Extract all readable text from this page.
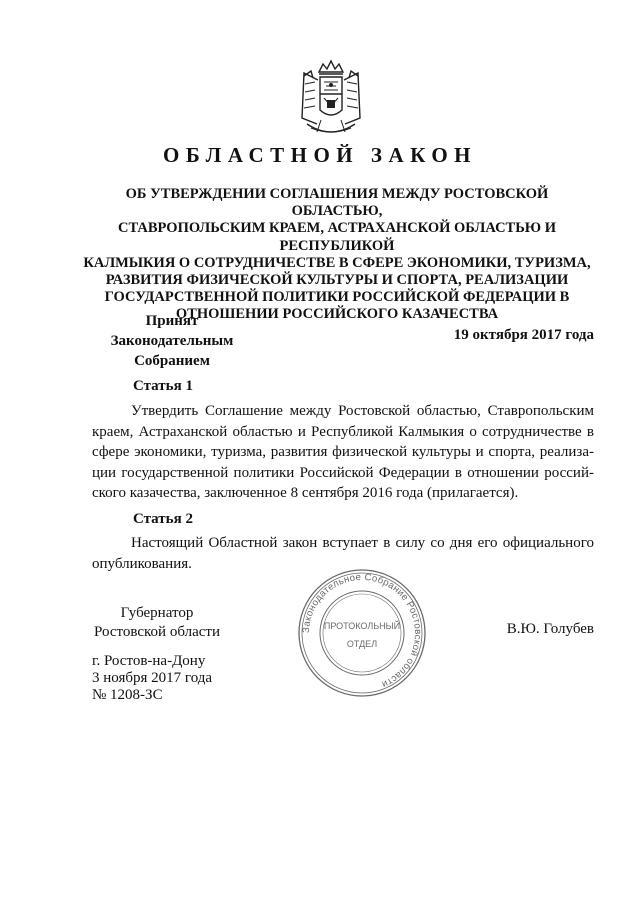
ОБЛАСТНОЙ ЗАКОН
ОБ УТВЕРЖДЕНИИ СОГЛАШЕНИЯ МЕЖДУ РОСТОВСКОЙ ОБЛАСТЬЮ,
СТАВРОПОЛЬСКИМ КРАЕМ, АСТРАХАНСКОЙ ОБЛАСТЬЮ И РЕСПУБЛИКОЙ
КАЛМЫКИЯ О СОТРУДНИЧЕСТВЕ В СФЕРЕ ЭКОНОМИКИ, ТУРИЗМА,
РАЗВИТИЯ ФИЗИЧЕСКОЙ КУЛЬТУРЫ И СПОРТА, РЕАЛИЗАЦИИ
ГОСУДАРСТВЕННОЙ ПОЛИТИКИ РОССИЙСКОЙ ФЕДЕРАЦИИ В
ОТНОШЕНИИ РОССИЙСКОГО КАЗАЧЕСТВА
Принят
Законодательным Собранием
19 октября 2017 года
Статья 1
Утвердить Соглашение между Ростовской областью, Ставропольским
краем, Астраханской областью и Республикой Калмыкия о сотрудничестве в
сфере экономики, туризма, развития физической культуры и спорта, реализа-
ции государственной политики Российской Федерации в отношении россий-
ского казачества, заключенное 8 сентября 2016 года (прилагается).
Статья 2
Настоящий Областной закон вступает в силу со дня его официального
опубликования.
Губернатор
Ростовской области	В.Ю. Голубев
Законодательное Собрание Ростовской области
ПРОТОКОЛЬНЫЙ
ОТДЕЛ
г. Ростов-на-Дону
3 ноября 2017 года
№ 1208-ЗС
